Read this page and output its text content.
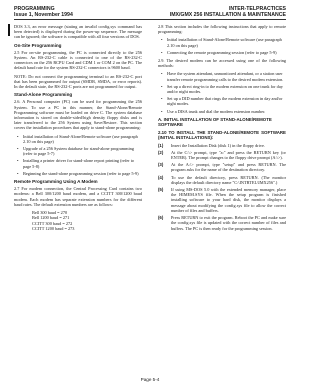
PROGRAMMING
Issue 1, November 1994
INTER-TELPRACTICES
IMX/GMX 256 INSTALLATION & MAINTENANCE

DOS 3.3, an error message (stating an invalid config.sys command has been detected) is displayed during the power-up sequence. The message can be ignored; the software is compatible with all four versions of DOS.

On-Site Programming

2.5 For on-site programming, the PC is connected directly to the 256 System. An RS-232-C cable is connected to one of the RS-232-C connectors on the 256 RCPU Card and CDM 1 or COM 2 on the PC. The default baud rate for the system RS-232-C connectors is 9600 baud.

NOTE: Do not connect the programming terminal to an RS-232-C port that has been programmed for output (SMDR, SMDA, or error reports). In the default state, the RS-232-C ports are not programmed for output.

Stand-Alone Programming

2.6. A Personal computer (PC) can be used for programming the 256 System. To use a PC in this manner, the Stand-Alone/Remote Programming software must be loaded on drive C. The system database information is stored on double-sided/high density floppy disks and is later transferred to the 256 System using Save/Restore. This section covers the installation procedures that apply to stand-alone programming:

• Initial installation of Stand-Alone/Remote software (use paragraph 2.10 on this page)
• Upgrade of a 256 System database for stand-alone programming (refer to page 5-7)
• Installing a printer driver for stand-alone report printing (refer to page 5-8)
• Beginning the stand-alone programming session (refer to page 5-9)
Remote Programming Using A Modem

2.7 For modem connection, the Central Processing Card contains two modems: a Bell 300/1200 baud modem, and a CCITT 300/1200 baud modem. Each modem has separate extension numbers for the different baud rates. The default extension numbers are as follows:

Bell 300 baud = 270
Bell 1200 baud = 271
CCITT 300 baud = 272
CCITT 1200 baud = 273

2.8 This section includes the following instructions that apply to remote programming:

• Initial installation of Stand-Alone/Remote software (use paragraph 2.10 on this page)
• Connecting the remote programming session (refer to page 5-9)

2.9. The desired modem can be accessed using one of the following methods:

• Have the system attendant, unmonitored attendant, or a station user transfer remote programming calls to the desired modem extension.
• Set up a direct ring-in to the modem extension on one trunk for day and/or night modes.
• Set up a DID number that rings the modem extension in day and/or night modes.
• Use a DISA trunk and dial the modem extension number.
A. INITIAL INSTALLATION OF STAND-ALONE/REMOTE SOFTWARE

2.10 TO INSTALL THE STAND-ALONE/REMOTE SOFTWARE (INITIAL INSTALLATIONS):

(1) Insert the Installation Disk (disk 1) in the floppy drive.
(2) At the C:\> prompt, type "a:" and press the RETURN key (or ENTER). The prompt changes to the floppy drive prompt (A:\>).
(3) At the A:\> prompt, type "setup" and press RETURN. The program asks for the name of the destination directory.
(4) To use the default directory, press RETURN. (The monitor displays the default directory name "C:\INTRTEL\IMX256".)
(5) If using MS-DOS 5.0 with the extended memory manager, place the HIMEM.SYS file. When the setup program is finished installing software to your hard disk, the monitor displays a message about modifying the config.sys file to allow the correct number of files and buffers.
(6) Press RETURN to exit the program. Reboot the PC and make sure the config.sys file is updated with the correct number of files and buffers. The PC is then ready for the programming session.
Page 5-4
